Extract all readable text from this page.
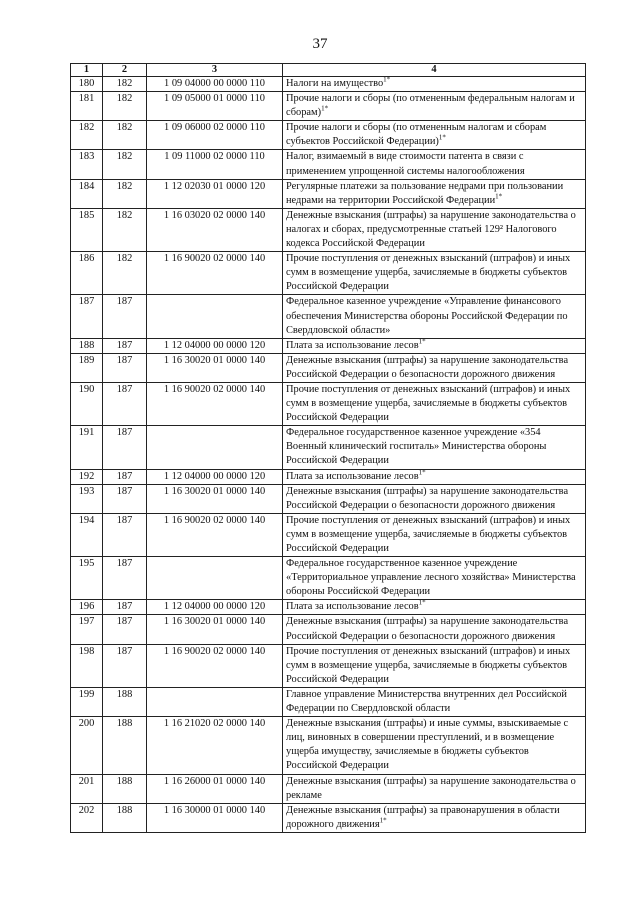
37
1	2	3	4
180	182	1 09 04000 00 0000 110	Налоги на имущество$^{1*}$
181	182	1 09 05000 01 0000 110	Прочие налоги и сборы (по отмененным федеральным налогам и сборам)$^{1*}$
182	182	1 09 06000 02 0000 110	Прочие налоги и сборы (по отмененным налогам и сборам субъектов Российской Федерации)$^{1*}$
183	182	1 09 11000 02 0000 110	Налог, взимаемый в виде стоимости патента в связи с применением упрощенной системы налогообложения
184	182	1 12 02030 01 0000 120	Регулярные платежи за пользование недрами при пользовании недрами на территории Российской Федерации$^{1*}$
185	182	1 16 03020 02 0000 140	Денежные взыскания (штрафы) за нарушение законодательства о налогах и сборах, предусмотренные статьей 129² Налогового кодекса Российской Федерации
186	182	1 16 90020 02 0000 140	Прочие поступления от денежных взысканий (штрафов) и иных сумм в возмещение ущерба, зачисляемые в бюджеты субъектов Российской Федерации
187	187		Федеральное казенное учреждение «Управление финансового обеспечения Министерства обороны Российской Федерации по Свердловской области»
188	187	1 12 04000 00 0000 120	Плата за использование лесов$^{1*}$
189	187	1 16 30020 01 0000 140	Денежные взыскания (штрафы) за нарушение законодательства Российской Федерации о безопасности дорожного движения
190	187	1 16 90020 02 0000 140	Прочие поступления от денежных взысканий (штрафов) и иных сумм в возмещение ущерба, зачисляемые в бюджеты субъектов Российской Федерации
191	187		Федеральное государственное казенное учреждение «354 Военный клинический госпиталь» Министерства обороны Российской Федерации
192	187	1 12 04000 00 0000 120	Плата за использование лесов$^{1*}$
193	187	1 16 30020 01 0000 140	Денежные взыскания (штрафы) за нарушение законодательства Российской Федерации о безопасности дорожного движения
194	187	1 16 90020 02 0000 140	Прочие поступления от денежных взысканий (штрафов) и иных сумм в возмещение ущерба, зачисляемые в бюджеты субъектов Российской Федерации
195	187		Федеральное государственное казенное учреждение «Территориальное управление лесного хозяйства» Министерства обороны Российской Федерации
196	187	1 12 04000 00 0000 120	Плата за использование лесов$^{1*}$
197	187	1 16 30020 01 0000 140	Денежные взыскания (штрафы) за нарушение законодательства Российской Федерации о безопасности дорожного движения
198	187	1 16 90020 02 0000 140	Прочие поступления от денежных взысканий (штрафов) и иных сумм в возмещение ущерба, зачисляемые в бюджеты субъектов Российской Федерации
199	188		Главное управление Министерства внутренних дел Российской Федерации по Свердловской области
200	188	1 16 21020 02 0000 140	Денежные взыскания (штрафы) и иные суммы, взыскиваемые с лиц, виновных в совершении преступлений, и в возмещение ущерба имуществу, зачисляемые в бюджеты субъектов Российской Федерации
201	188	1 16 26000 01 0000 140	Денежные взыскания (штрафы) за нарушение законодательства о рекламе
202	188	1 16 30000 01 0000 140	Денежные взыскания (штрафы) за правонарушения в области дорожного движения$^{1*}$
